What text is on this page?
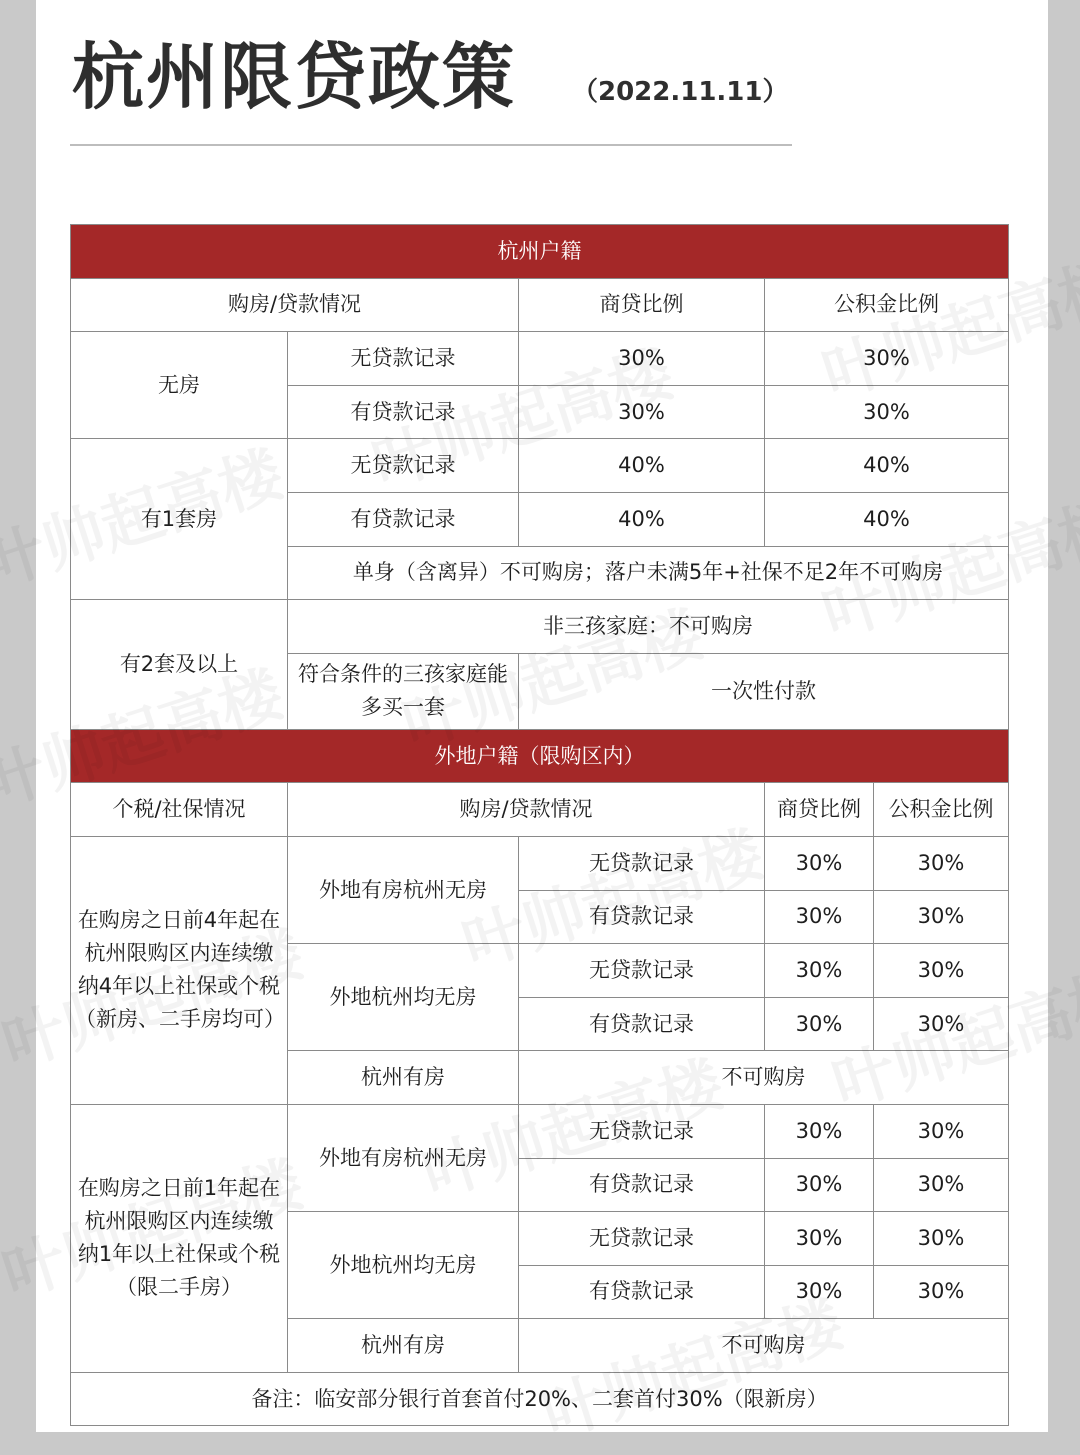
杭州限贷政策 （2022.11.11）
杭州户籍				
购房/贷款情况		商贷比例	公积金比例	
无房	无贷款记录	30%	30%	
	有贷款记录	30%	30%	
有1套房	无贷款记录	40%	40%	
	有贷款记录	40%	40%	
	单身（含离异）不可购房；落户未满5年+社保不足2年不可购房			
有2套及以上	非三孩家庭：不可购房			
	符合条件的三孩家庭能多买一套	一次性付款		
外地户籍（限购区内）				
个税/社保情况	购房/贷款情况		商贷比例	公积金比例
在购房之日前4年起在杭州限购区内连续缴纳4年以上社保或个税（新房、二手房均可）	外地有房杭州无房	无贷款记录	30%	30%
		有贷款记录	30%	30%
	外地杭州均无房	无贷款记录	30%	30%
		有贷款记录	30%	30%
	杭州有房	不可购房		
在购房之日前1年起在杭州限购区内连续缴纳1年以上社保或个税（限二手房）	外地有房杭州无房	无贷款记录	30%	30%
		有贷款记录	30%	30%
	外地杭州均无房	无贷款记录	30%	30%
		有贷款记录	30%	30%
	杭州有房	不可购房		
备注：临安部分银行首套首付20%、二套首付30%（限新房）				
